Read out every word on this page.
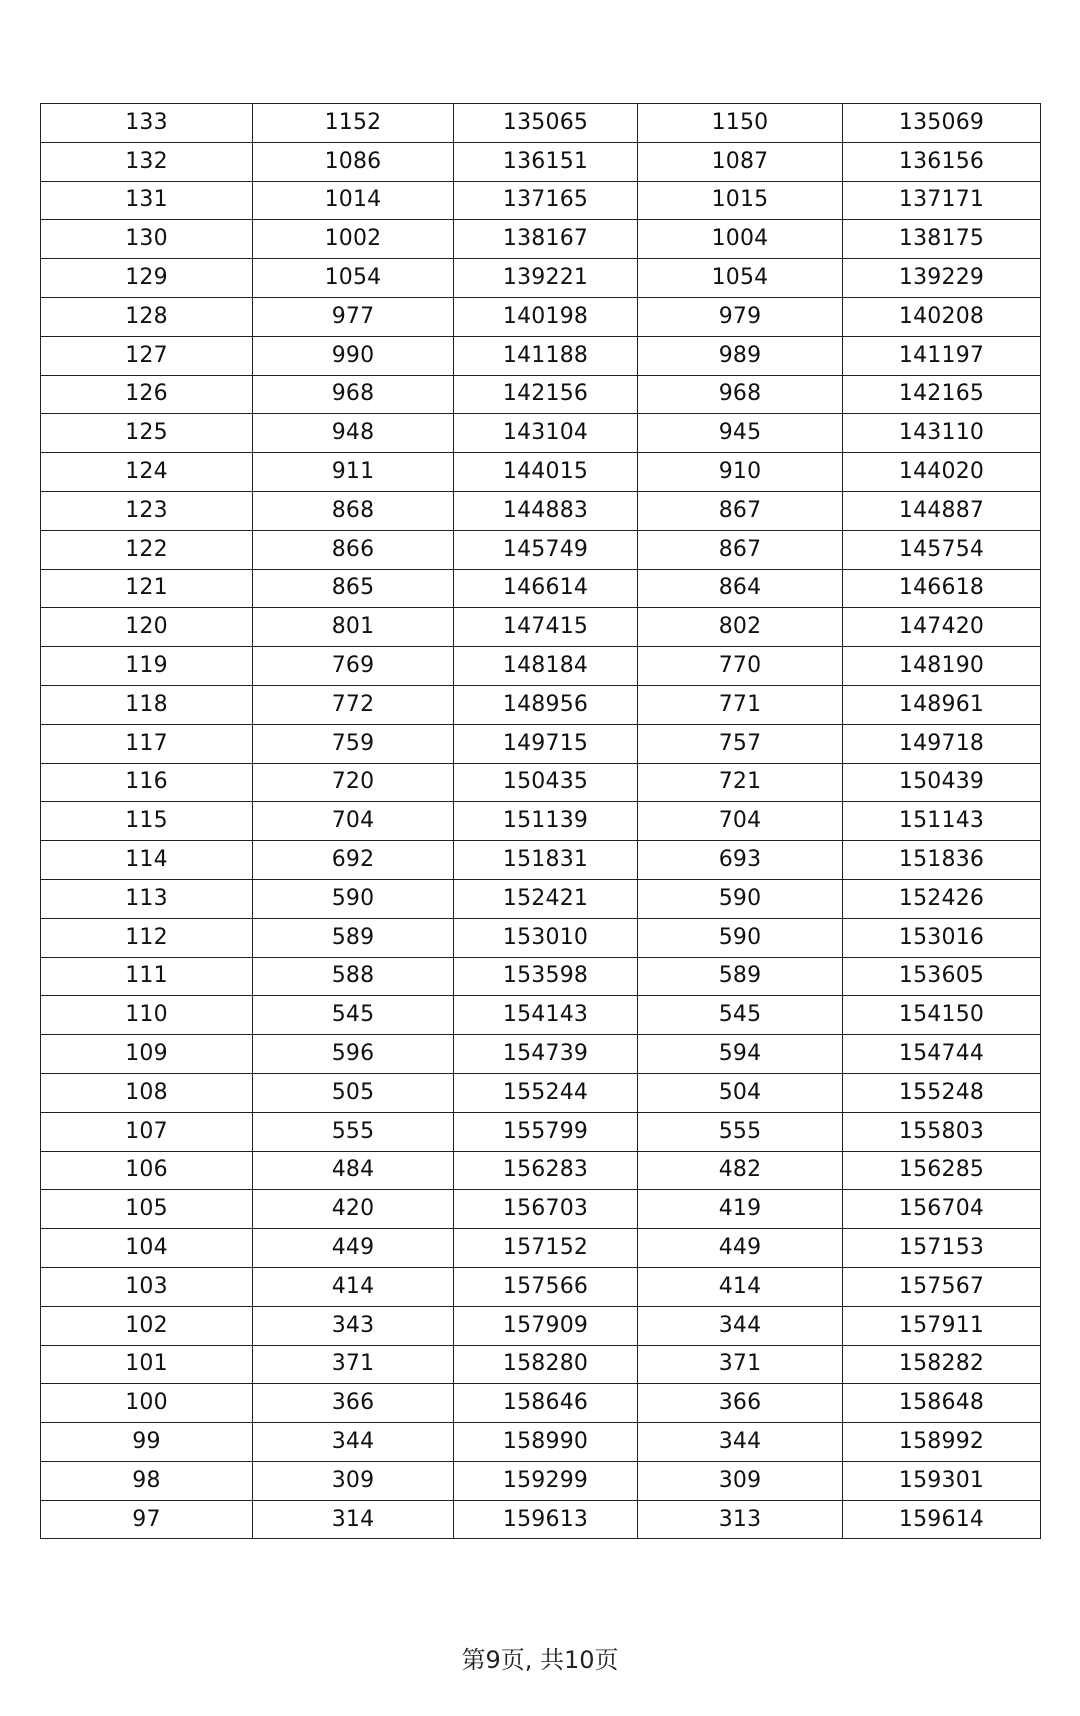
133	1152	135065	1150	135069
132	1086	136151	1087	136156
131	1014	137165	1015	137171
130	1002	138167	1004	138175
129	1054	139221	1054	139229
128	977	140198	979	140208
127	990	141188	989	141197
126	968	142156	968	142165
125	948	143104	945	143110
124	911	144015	910	144020
123	868	144883	867	144887
122	866	145749	867	145754
121	865	146614	864	146618
120	801	147415	802	147420
119	769	148184	770	148190
118	772	148956	771	148961
117	759	149715	757	149718
116	720	150435	721	150439
115	704	151139	704	151143
114	692	151831	693	151836
113	590	152421	590	152426
112	589	153010	590	153016
111	588	153598	589	153605
110	545	154143	545	154150
109	596	154739	594	154744
108	505	155244	504	155248
107	555	155799	555	155803
106	484	156283	482	156285
105	420	156703	419	156704
104	449	157152	449	157153
103	414	157566	414	157567
102	343	157909	344	157911
101	371	158280	371	158282
100	366	158646	366	158648
99	344	158990	344	158992
98	309	159299	309	159301
97	314	159613	313	159614
第9页, 共10页
